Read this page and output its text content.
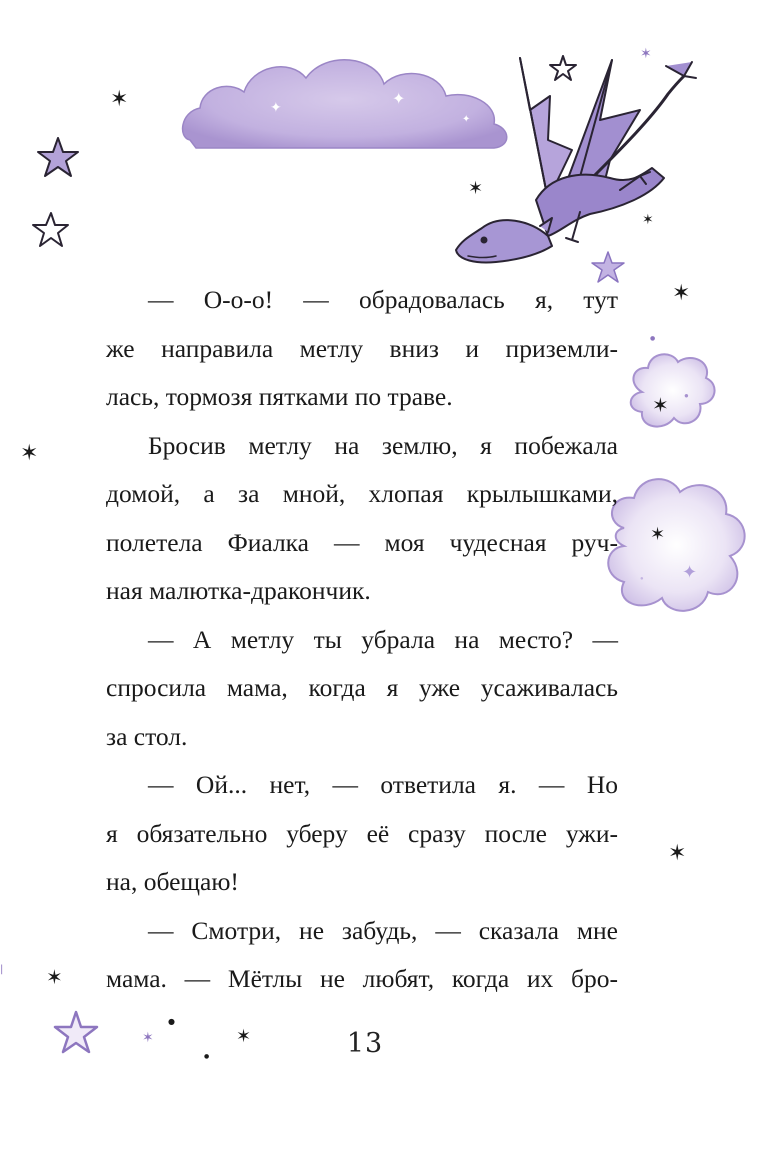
✦
✦
✦
●
✦
●
●
✶
✶
✶
✶
✶
✶
✶
✶
✶
✶
●
●
✶
✶
●
|

— О-о-о! — обрадовалась я, тут
же направила метлу вниз и приземли-
лась, тормозя пятками по траве.

Бросив метлу на землю, я побежала
домой, а за мной, хлопая крылышками,
полетела Фиалка — моя чудесная руч-
ная малютка-дракончик.

— А метлу ты убрала на место? —
спросила мама, когда я уже усаживалась
за стол.

— Ой... нет, — ответила я. — Но
я обязательно уберу её сразу после ужи-
на, обещаю!

— Смотри, не забудь, — сказала мне
мама. — Мётлы не любят, когда их бро-

13
